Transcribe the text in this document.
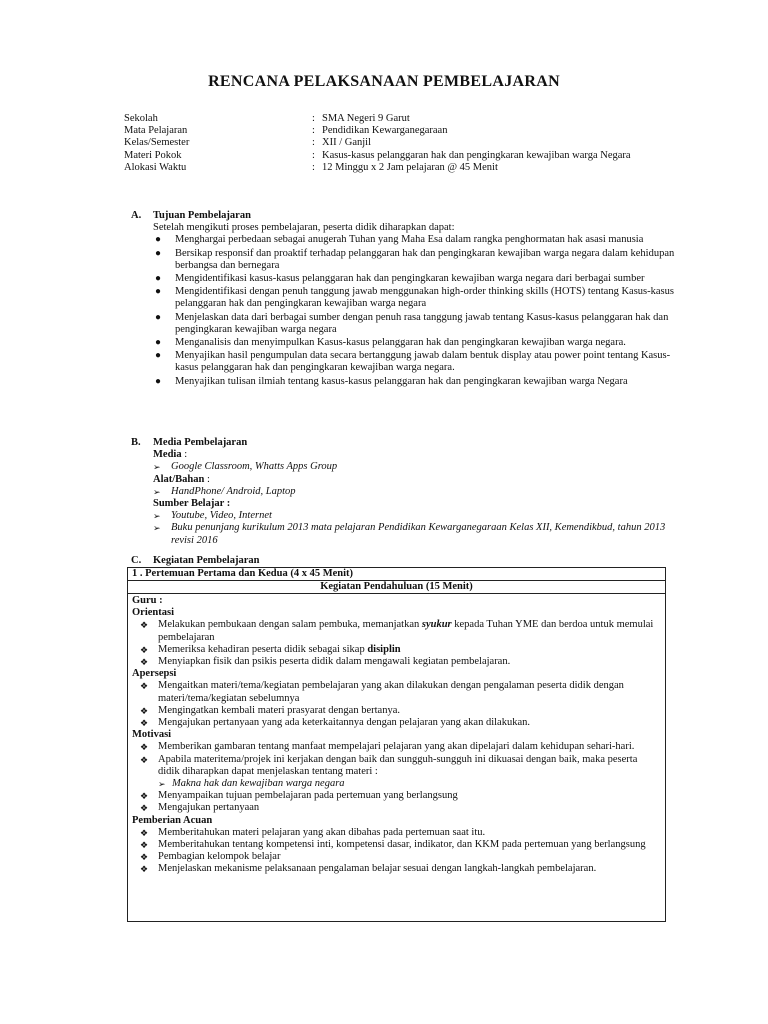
RENCANA PELAKSANAAN PEMBELAJARAN
Sekolah	: SMA Negeri 9 Garut
Mata Pelajaran	: Pendidikan Kewarganegaraan
Kelas/Semester	: XII / Ganjil
Materi Pokok	: Kasus-kasus pelanggaran hak dan pengingkaran kewajiban warga Negara
Alokasi Waktu	: 12 Minggu x 2 Jam pelajaran @ 45 Menit
A.	Tujuan Pembelajaran
Setelah mengikuti proses pembelajaran, peserta didik diharapkan dapat:
● Menghargai perbedaan sebagai anugerah Tuhan yang Maha Esa dalam rangka penghormatan hak asasi manusia
● Bersikap responsif dan proaktif terhadap pelanggaran hak dan pengingkaran kewajiban warga negara dalam kehidupan berbangsa dan bernegara
● Mengidentifikasi kasus-kasus pelanggaran hak dan pengingkaran kewajiban warga negara dari berbagai sumber
● Mengidentifikasi dengan penuh tanggung jawab menggunakan high-order thinking skills (HOTS) tentang Kasus-kasus pelanggaran hak dan pengingkaran kewajiban warga negara
● Menjelaskan data dari berbagai sumber dengan penuh rasa tanggung jawab tentang Kasus-kasus pelanggaran hak dan pengingkaran kewajiban warga negara
● Menganalisis dan menyimpulkan Kasus-kasus pelanggaran hak dan pengingkaran kewajiban warga negara.
● Menyajikan hasil pengumpulan data secara bertanggung jawab dalam bentuk display atau power point tentang Kasus-kasus pelanggaran hak dan pengingkaran kewajiban warga negara.
● Menyajikan tulisan ilmiah tentang kasus-kasus pelanggaran hak dan pengingkaran kewajiban warga Negara
B.	Media Pembelajaran
Media :
➢ Google Classroom, Whatts Apps Group
Alat/Bahan :
➢ HandPhone/ Android, Laptop
Sumber Belajar :
➢ Youtube, Video, Internet
➢ Buku penunjang kurikulum 2013 mata pelajaran Pendidikan Kewarganegaraan Kelas XII, Kemendikbud, tahun 2013 revisi 2016
C.	Kegiatan Pembelajaran
1 . Pertemuan Pertama dan Kedua (4 x 45 Menit)
Kegiatan Pendahuluan (15 Menit)
Guru :
Orientasi
❖ Melakukan pembukaan dengan salam pembuka, memanjatkan syukur kepada Tuhan YME dan berdoa untuk memulai pembelajaran
❖ Memeriksa kehadiran peserta didik sebagai sikap disiplin
❖ Menyiapkan fisik dan psikis peserta didik dalam mengawali kegiatan pembelajaran.
Apersepsi
❖ Mengaitkan materi/tema/kegiatan pembelajaran yang akan dilakukan dengan pengalaman peserta didik dengan materi/tema/kegiatan sebelumnya
❖ Mengingatkan kembali materi prasyarat dengan bertanya.
❖ Mengajukan pertanyaan yang ada keterkaitannya dengan pelajaran yang akan dilakukan.
Motivasi
❖ Memberikan gambaran tentang manfaat mempelajari pelajaran yang akan dipelajari dalam kehidupan sehari-hari.
❖ Apabila materitema/projek ini kerjakan dengan baik dan sungguh-sungguh ini dikuasai dengan baik, maka peserta didik diharapkan dapat menjelaskan tentang materi :
➢ Makna hak dan kewajiban warga negara
❖ Menyampaikan tujuan pembelajaran pada pertemuan yang berlangsung
❖ Mengajukan pertanyaan
Pemberian Acuan
❖ Memberitahukan materi pelajaran yang akan dibahas pada pertemuan saat itu.
❖ Memberitahukan tentang kompetensi inti, kompetensi dasar, indikator, dan KKM pada pertemuan yang berlangsung
❖ Pembagian kelompok belajar
❖ Menjelaskan mekanisme pelaksanaan pengalaman belajar sesuai dengan langkah-langkah pembelajaran.
